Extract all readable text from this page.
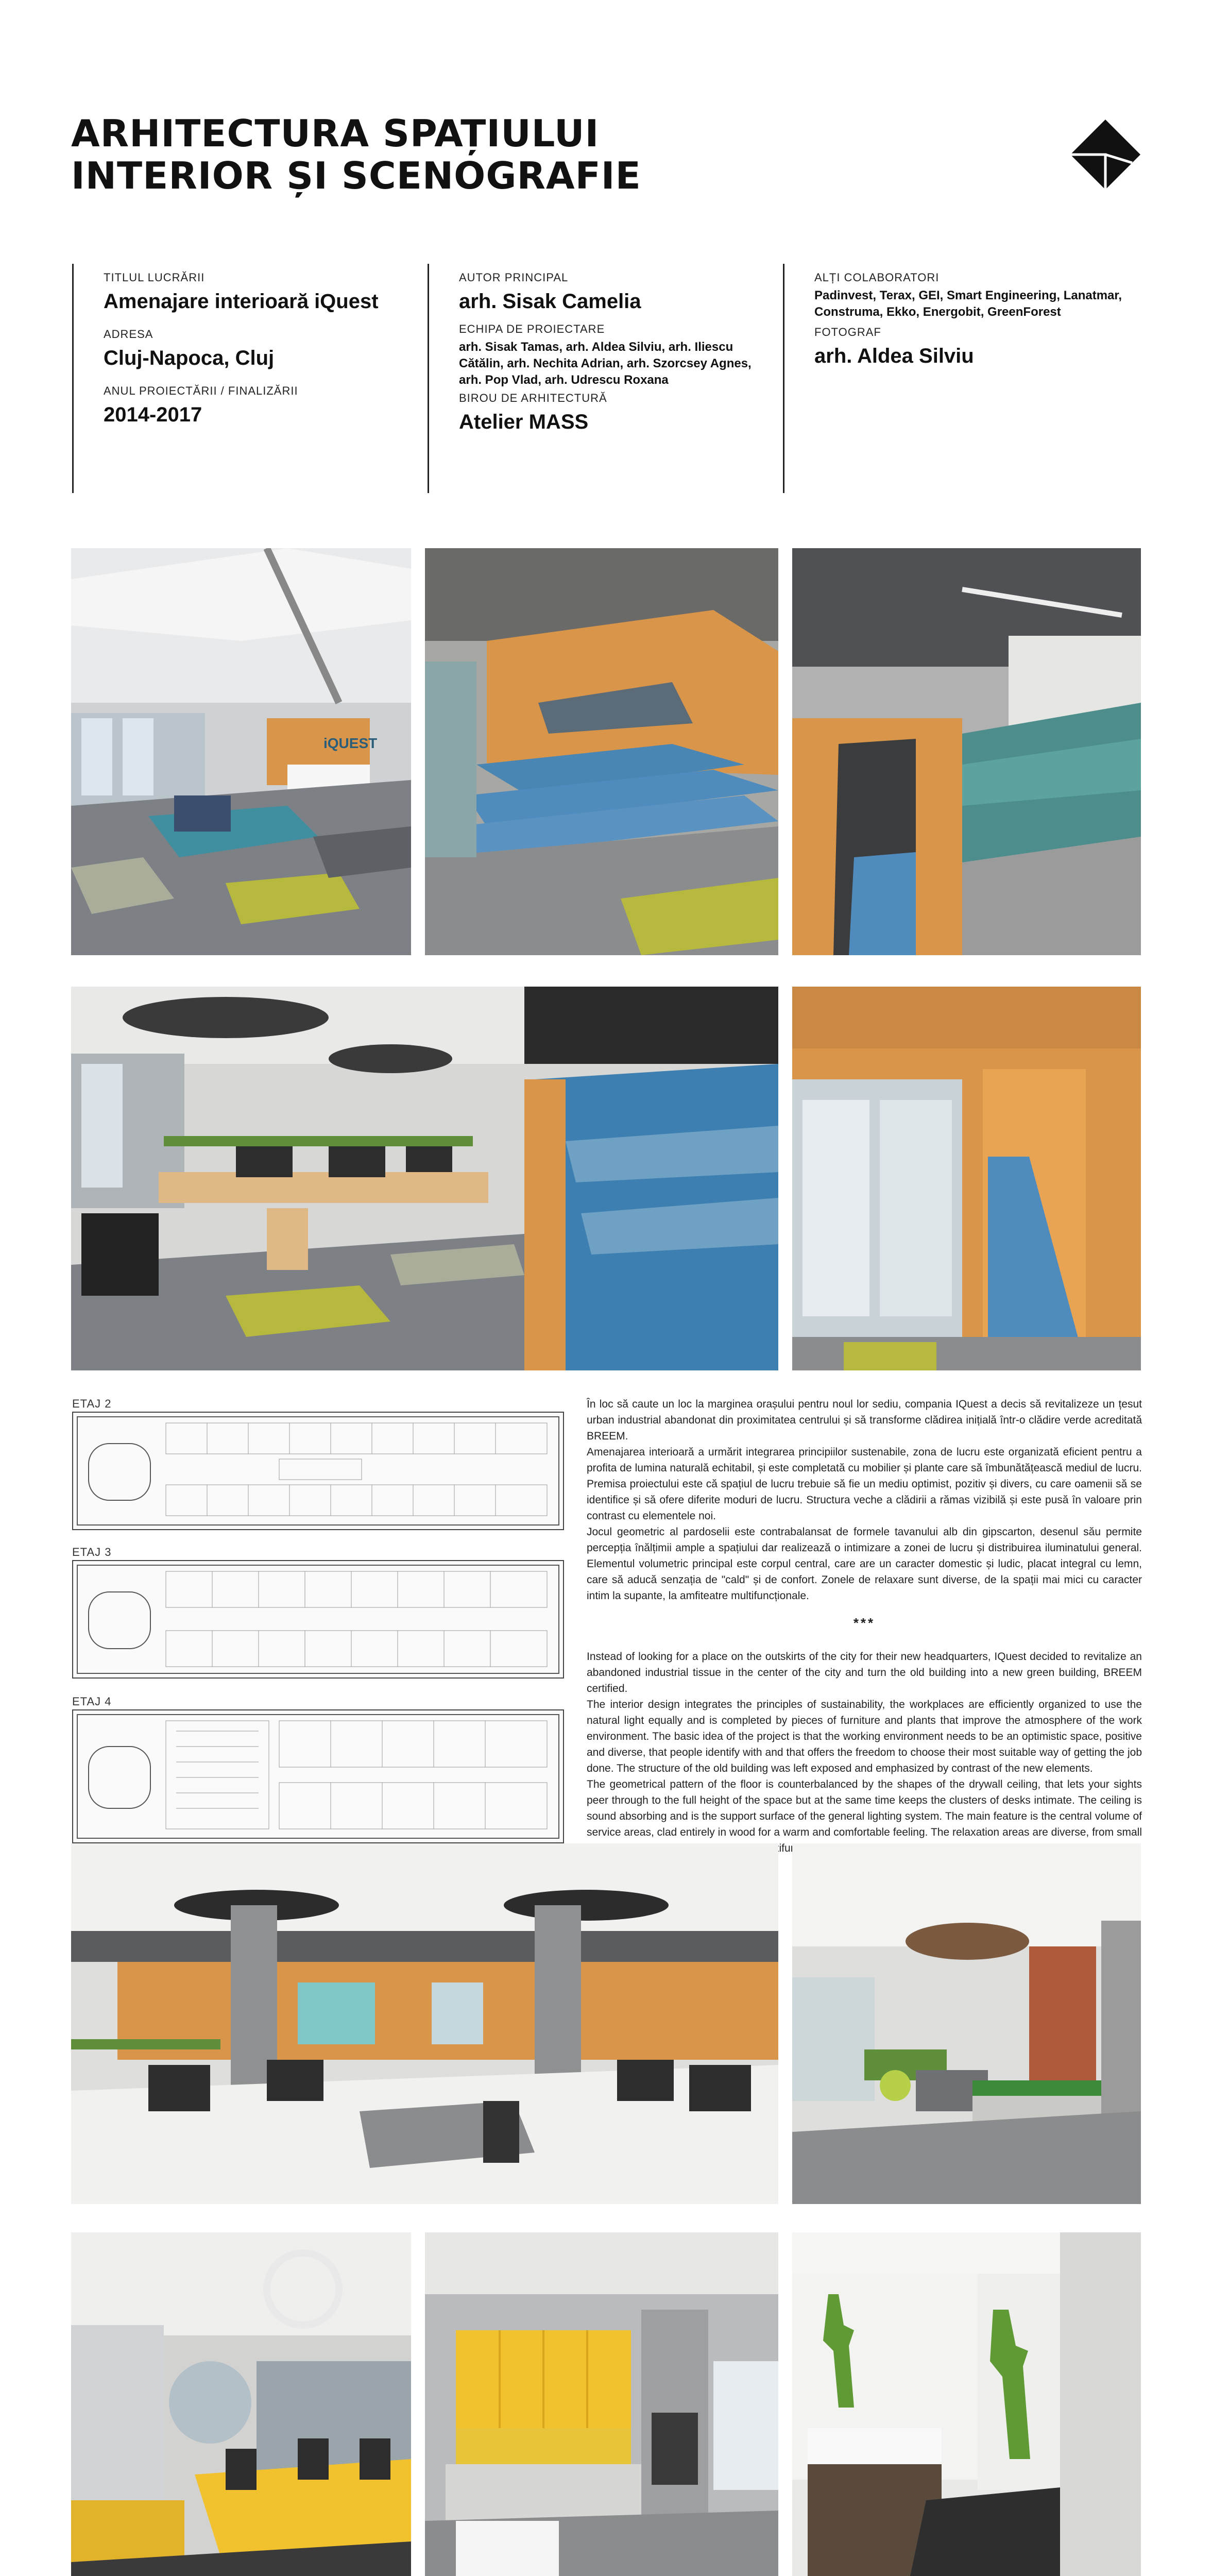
ARHITECTURA SPAȚIULUI
INTERIOR ȘI SCENOGRAFIE

TITLUL LUCRĂRII

Amenajare interioară iQuest

ADRESA

Cluj-Napoca, Cluj

ANUL PROIECTĂRII / FINALIZĂRII

2014-2017

AUTOR PRINCIPAL

arh. Sisak Camelia

ECHIPA DE PROIECTARE

arh. Sisak Tamas, arh. Aldea Silviu, arh. Iliescu Cătălin, arh. Nechita Adrian, arh. Szorcsey Agnes, arh. Pop Vlad, arh. Udrescu Roxana

BIROU DE ARHITECTURĂ

Atelier MASS

ALȚI COLABORATORI

Padinvest, Terax, GEI, Smart Engineering, Lanatmar, Construma, Ekko, Energobit, GreenForest

FOTOGRAF

arh. Aldea Silviu
iQUEST
ETAJ 2
ETAJ 3
ETAJ 4

În loc să caute un loc la marginea orașului pentru noul lor sediu, compania IQuest a decis să revitalizeze un țesut urban industrial abandonat din proximitatea centrului și să transforme clădirea inițială într-o clădire verde acreditată BREEM.

Amenajarea interioară a urmărit integrarea principiilor sustenabile, zona de lucru este organizată eficient pentru a profita de lumina naturală echitabil, și este completată cu mobilier și plante care să îmbunătățească mediul de lucru. Premisa proiectului este că spațiul de lucru trebuie să fie un mediu optimist, pozitiv și divers, cu care oamenii să se identifice și să ofere diferite moduri de lucru. Structura veche a clădirii a rămas vizibilă și este pusă în valoare prin contrast cu elementele noi.

Jocul geometric al pardoselii este contrabalansat de formele tavanului alb din gipscarton, desenul său permite percepția înălțimii ample a spațiului dar realizează o intimizare a zonei de lucru și distribuirea iluminatului general. Elementul volumetric principal este corpul central, care are un caracter domestic și ludic, placat integral cu lemn, care să aducă senzația de "cald" și de confort. Zonele de relaxare sunt diverse, de la spații mai mici cu caracter intim la supante, la amfiteatre multifuncționale.

***

Instead of looking for a place on the outskirts of the city for their new headquarters, IQuest decided to revitalize an abandoned industrial tissue in the center of the city and turn the old building into a new green building, BREEM certified.

The interior design integrates the principles of sustainability, the workplaces are efficiently organized to use the natural light equally and is completed by pieces of furniture and plants that improve the atmosphere of the work environment. The basic idea of the project is that the working environment needs to be an optimistic space, positive and diverse, that people identify with and that offers the freedom to choose their most suitable way of getting the job done. The structure of the old building was left exposed and emphasized by contrast of the new elements.

The geometrical pattern of the floor is counterbalanced by the shapes of the drywall ceiling, that lets your sights peer through to the full height of the space but at the same time keeps the clusters of desks intimate. The ceiling is sound absorbing and is the support surface of the general lighting system. The main feature is the central volume of service areas, clad entirely in wood for a warm and comfortable feeling. The relaxation areas are diverse, from small
